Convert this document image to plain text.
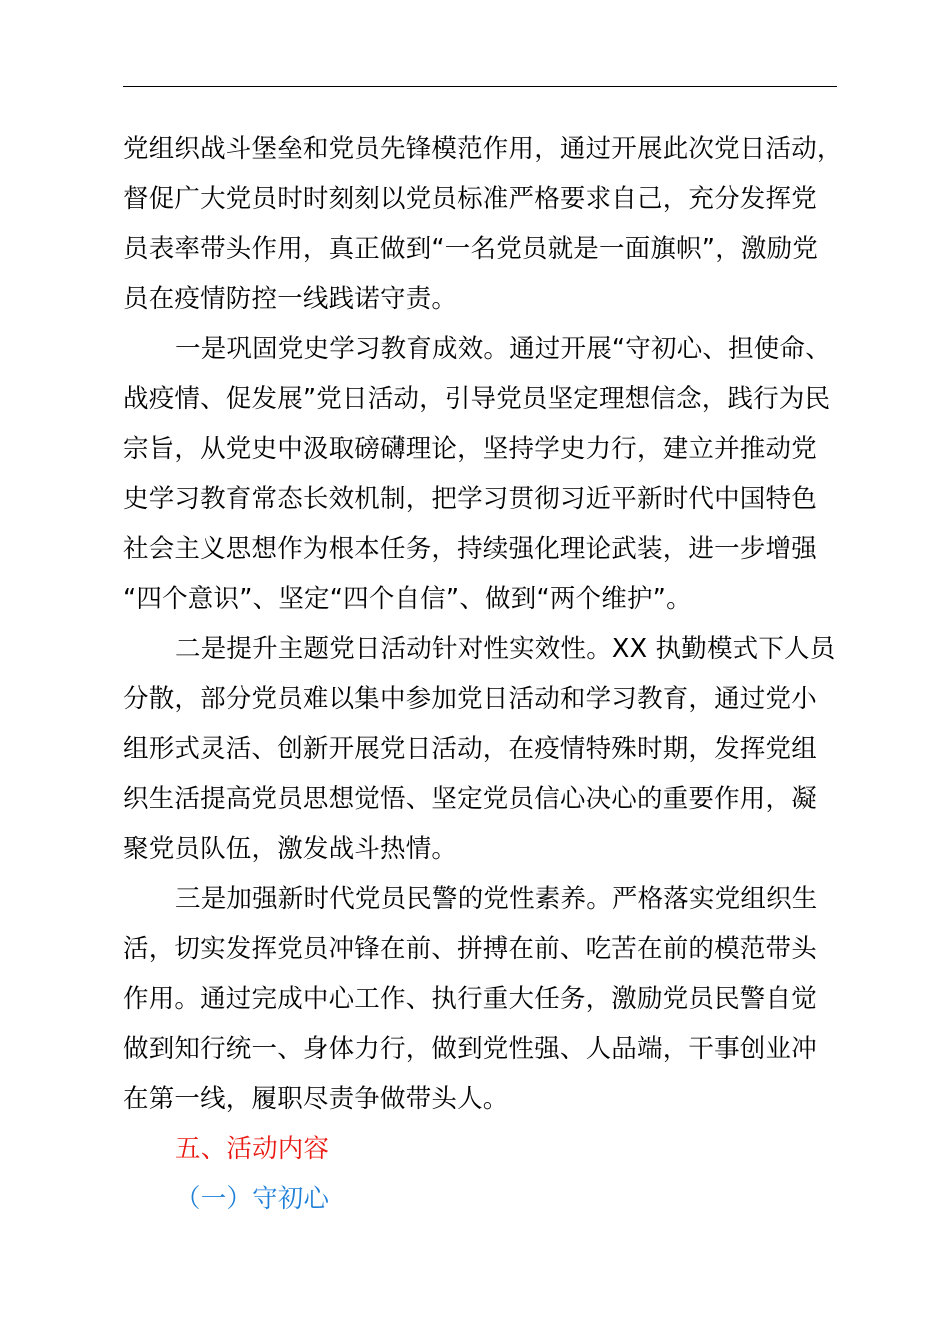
党组织战斗堡垒和党员先锋模范作用，通过开展此次党日活动，
督促广大党员时时刻刻以党员标准严格要求自己，充分发挥党
员表率带头作用，真正做到“一名党员就是一面旗帜”，激励党
员在疫情防控一线践诺守责。
一是巩固党史学习教育成效。通过开展“守初心、担使命、
战疫情、促发展”党日活动，引导党员坚定理想信念，践行为民
宗旨，从党史中汲取磅礴理论，坚持学史力行，建立并推动党
史学习教育常态长效机制，把学习贯彻习近平新时代中国特色
社会主义思想作为根本任务，持续强化理论武装，进一步增强
“四个意识”、坚定“四个自信”、做到“两个维护”。
二是提升主题党日活动针对性实效性。XX 执勤模式下人员
分散，部分党员难以集中参加党日活动和学习教育，通过党小
组形式灵活、创新开展党日活动，在疫情特殊时期，发挥党组
织生活提高党员思想觉悟、坚定党员信心决心的重要作用，凝
聚党员队伍，激发战斗热情。
三是加强新时代党员民警的党性素养。严格落实党组织生
活，切实发挥党员冲锋在前、拼搏在前、吃苦在前的模范带头
作用。通过完成中心工作、执行重大任务，激励党员民警自觉
做到知行统一、身体力行，做到党性强、人品端，干事创业冲
在第一线，履职尽责争做带头人。
五、活动内容
（一）守初心
